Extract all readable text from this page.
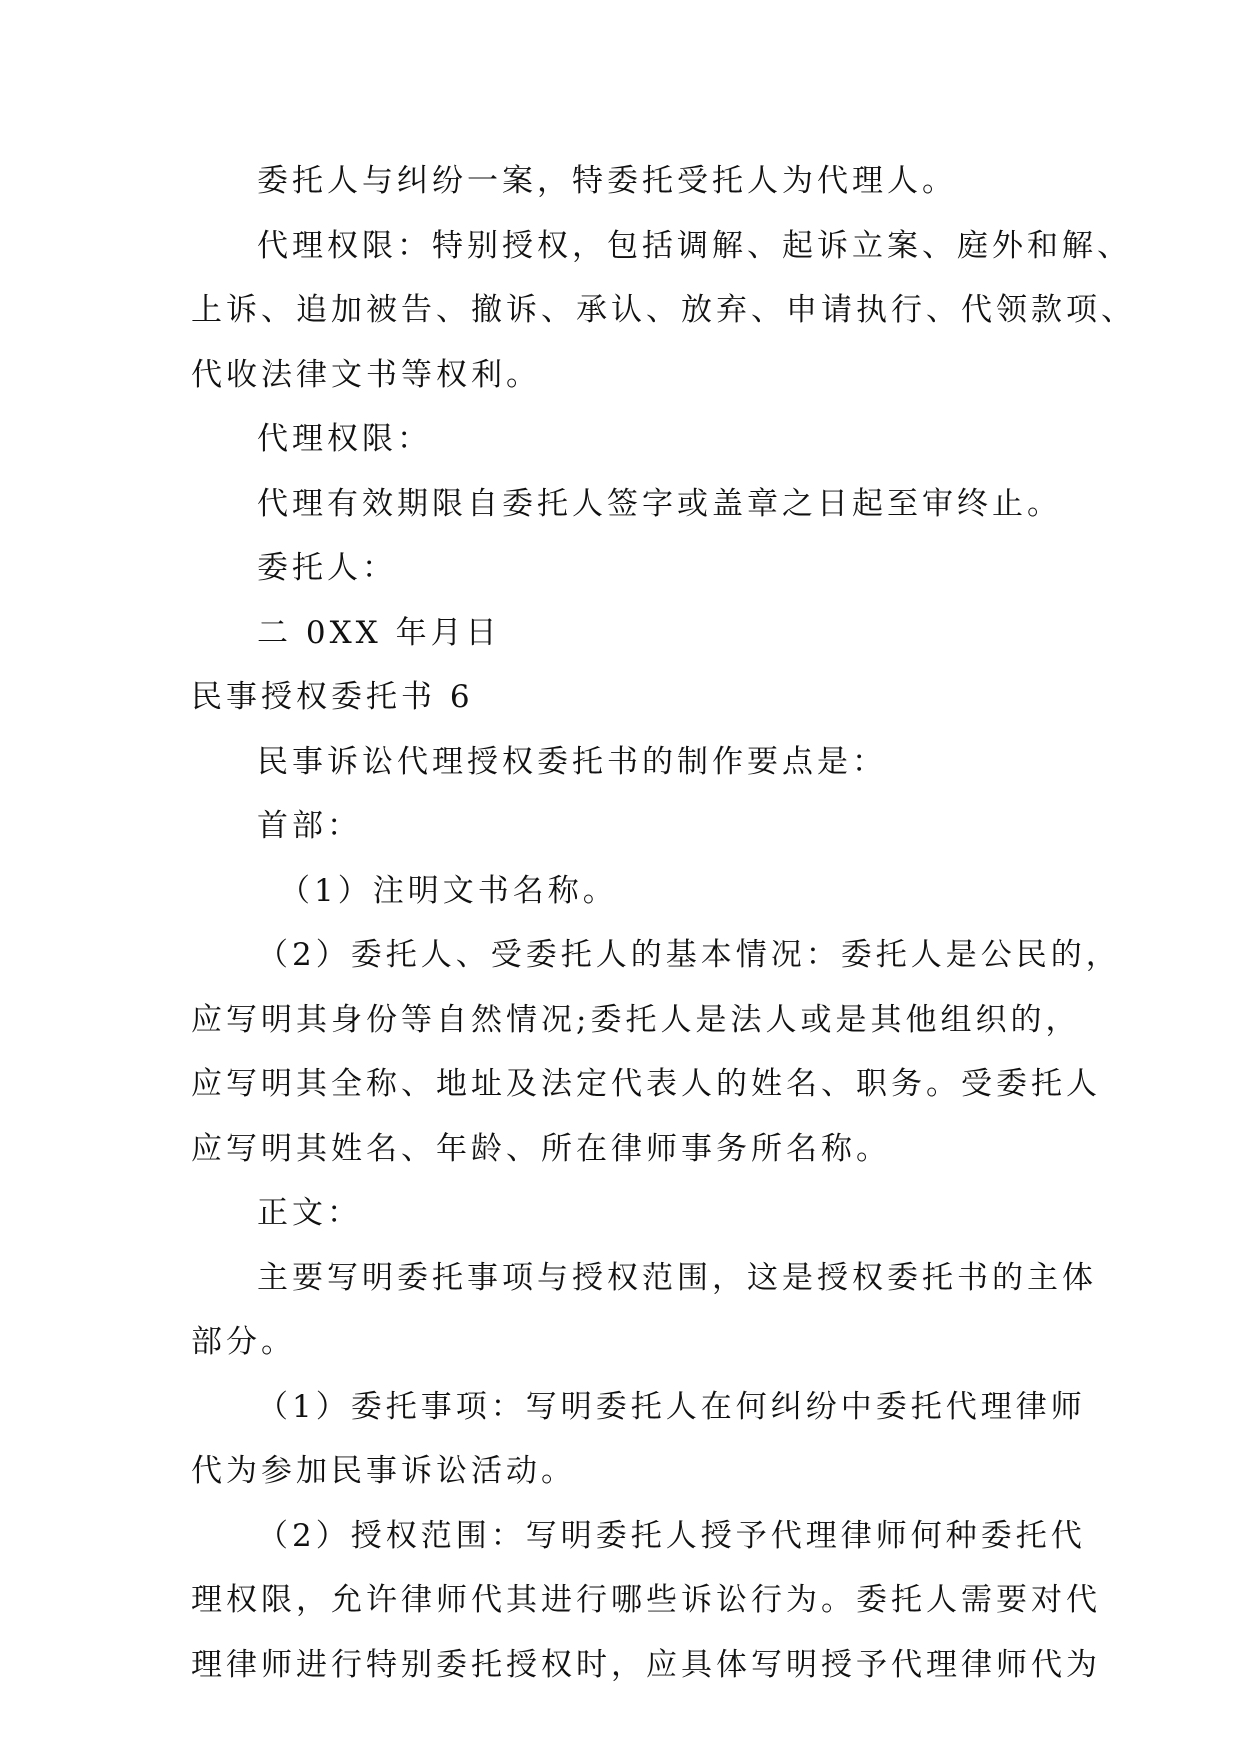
委托人与纠纷一案，特委托受托人为代理人。
代理权限：特别授权，包括调解、起诉立案、庭外和解、
上诉、追加被告、撤诉、承认、放弃、申请执行、代领款项、
代收法律文书等权利。
代理权限：
代理有效期限自委托人签字或盖章之日起至审终止。
委托人：
二 0XX 年月日
民事授权委托书 6
民事诉讼代理授权委托书的制作要点是：
首部：
（1）注明文书名称。
（2）委托人、受委托人的基本情况：委托人是公民的，
应写明其身份等自然情况;委托人是法人或是其他组织的，
应写明其全称、地址及法定代表人的姓名、职务。受委托人
应写明其姓名、年龄、所在律师事务所名称。
正文：
主要写明委托事项与授权范围，这是授权委托书的主体
部分。
（1）委托事项：写明委托人在何纠纷中委托代理律师
代为参加民事诉讼活动。
（2）授权范围：写明委托人授予代理律师何种委托代
理权限，允许律师代其进行哪些诉讼行为。委托人需要对代
理律师进行特别委托授权时，应具体写明授予代理律师代为
